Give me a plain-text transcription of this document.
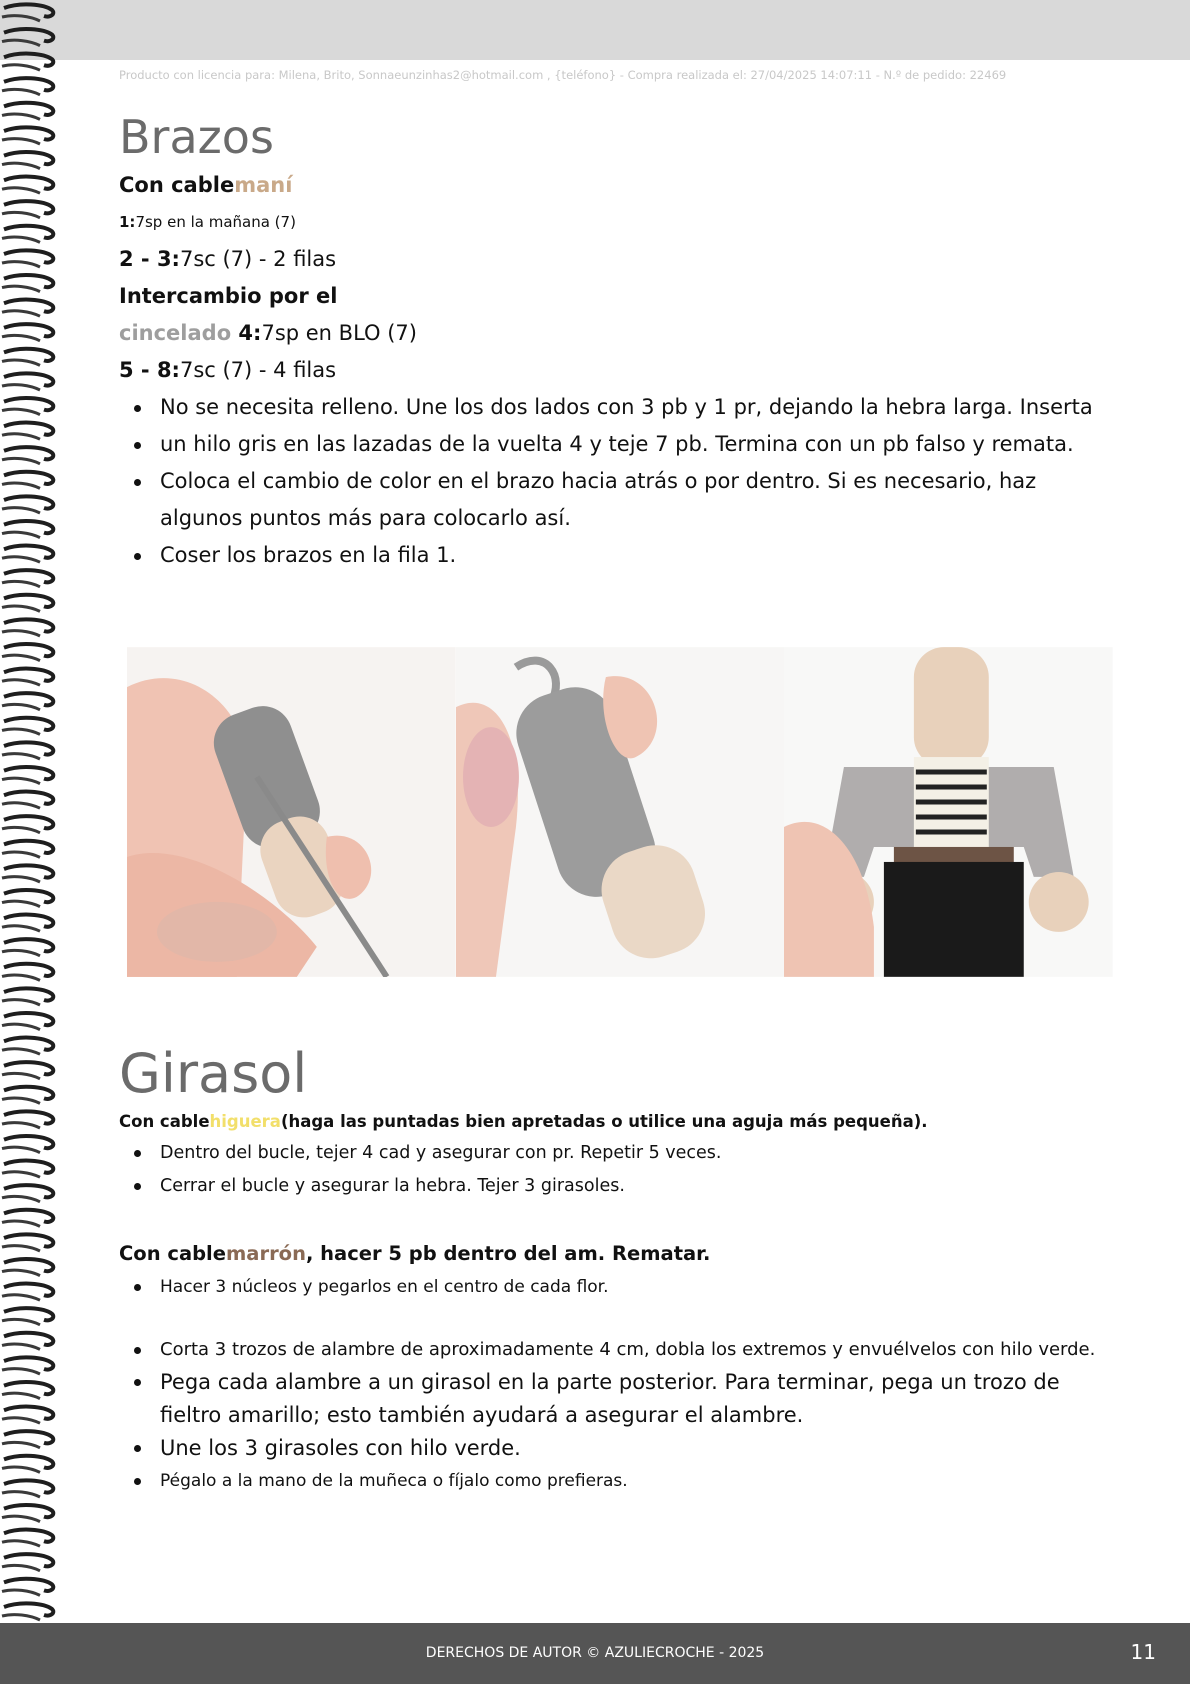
Producto con licencia para: Milena, Brito, Sonnaeunzinhas2@hotmail.com , {teléfono} - Compra realizada el: 27/04/2025 14:07:11 - N.º de pedido: 22469
Brazos

Con cablemaní

1:7sp en la mañana (7)

2 - 3:7sc (7) - 2 filas

Intercambio por el

cincelado 4:7sp en BLO (7)

5 - 8:7sc (7) - 4 filas

No se necesita relleno. Une los dos lados con 3 pb y 1 pr, dejando la hebra larga. Inserta
un hilo gris en las lazadas de la vuelta 4 y teje 7 pb. Termina con un pb falso y remata.
Coloca el cambio de color en el brazo hacia atrás o por dentro. Si es necesario, haz algunos puntos más para colocarlo así.
Coser los brazos en la fila 1.
Girasol

Con cablehiguera(haga las puntadas bien apretadas o utilice una aguja más pequeña).

Dentro del bucle, tejer 4 cad y asegurar con pr. Repetir 5 veces.
Cerrar el bucle y asegurar la hebra. Tejer 3 girasoles.

Con cablemarrón, hacer 5 pb dentro del am. Rematar.

Hacer 3 núcleos y pegarlos en el centro de cada flor.
Corta 3 trozos de alambre de aproximadamente 4 cm, dobla los extremos y envuélvelos con hilo verde.
Pega cada alambre a un girasol en la parte posterior. Para terminar, pega un trozo de fieltro amarillo; esto también ayudará a asegurar el alambre.
Une los 3 girasoles con hilo verde.
Pégalo a la mano de la muñeca o fíjalo como prefieras.
DERECHOS DE AUTOR © AZULIECROCHE - 2025	11
